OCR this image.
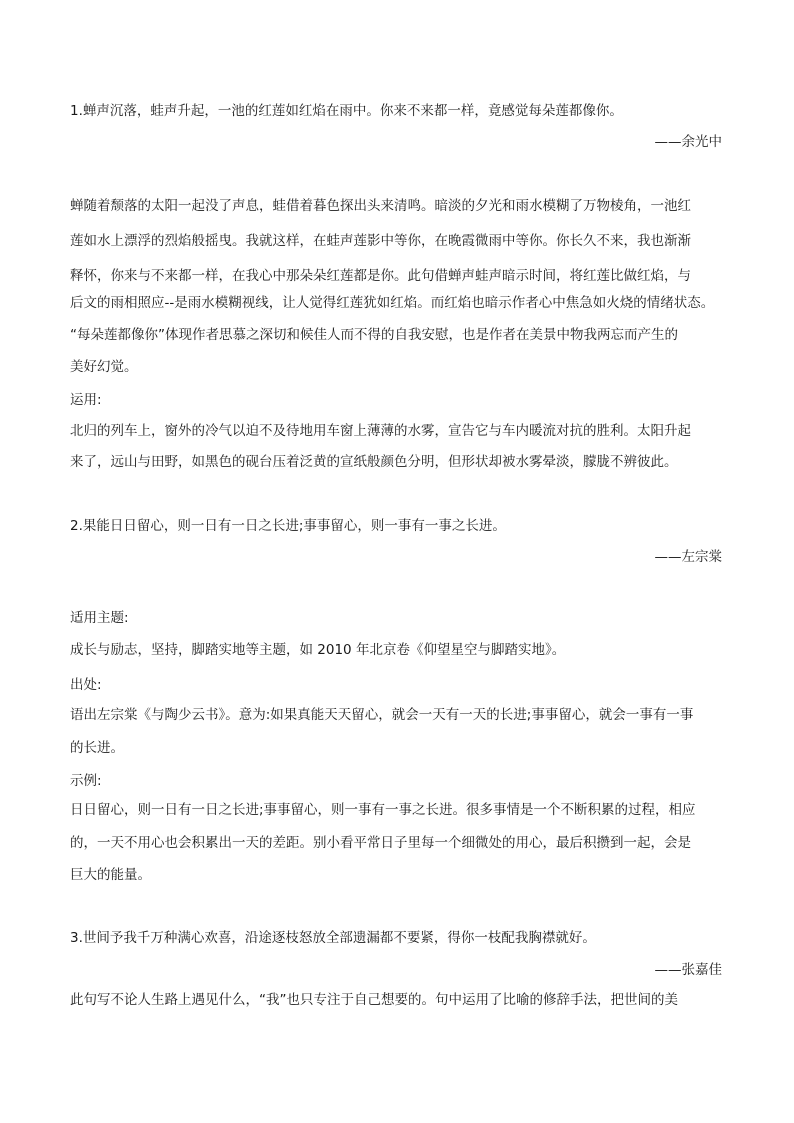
1.蝉声沉落，蛙声升起，一池的红莲如红焰在雨中。你来不来都一样，竟感觉每朵莲都像你。
——余光中
蝉随着颓落的太阳一起没了声息，蛙借着暮色探出头来清鸣。暗淡的夕光和雨水模糊了万物棱角，一池红
莲如水上漂浮的烈焰般摇曳。我就这样，在蛙声莲影中等你，在晚霞微雨中等你。你长久不来，我也渐渐
释怀，你来与不来都一样，在我心中那朵朵红莲都是你。此句借蝉声蛙声暗示时间，将红莲比做红焰，与
后文的雨相照应--是雨水模糊视线，让人觉得红莲犹如红焰。而红焰也暗示作者心中焦急如火烧的情绪状态。
“每朵莲都像你”体现作者思慕之深切和候佳人而不得的自我安慰，也是作者在美景中物我两忘而产生的
美好幻觉。
运用:
北归的列车上，窗外的冷气以迫不及待地用车窗上薄薄的水雾，宣告它与车内暖流对抗的胜利。太阳升起
来了，远山与田野，如黑色的砚台压着泛黄的宣纸般颜色分明，但形状却被水雾晕淡，朦胧不辨彼此。
2.果能日日留心，则一日有一日之长进;事事留心，则一事有一事之长进。
——左宗棠
适用主题:
成长与励志，坚持，脚踏实地等主题，如 2010 年北京卷《仰望星空与脚踏实地》。
出处:
语出左宗棠《与陶少云书》。意为:如果真能天天留心，就会一天有一天的长进;事事留心，就会一事有一事
的长进。
示例:
日日留心，则一日有一日之长进;事事留心，则一事有一事之长进。很多事情是一个不断积累的过程，相应
的，一天不用心也会积累出一天的差距。别小看平常日子里每一个细微处的用心，最后积攒到一起，会是
巨大的能量。
3.世间予我千万种满心欢喜，沿途逐枝怒放全部遗漏都不要紧，得你一枝配我胸襟就好。
——张嘉佳
此句写不论人生路上遇见什么，“我”也只专注于自己想要的。句中运用了比喻的修辞手法，把世间的美
